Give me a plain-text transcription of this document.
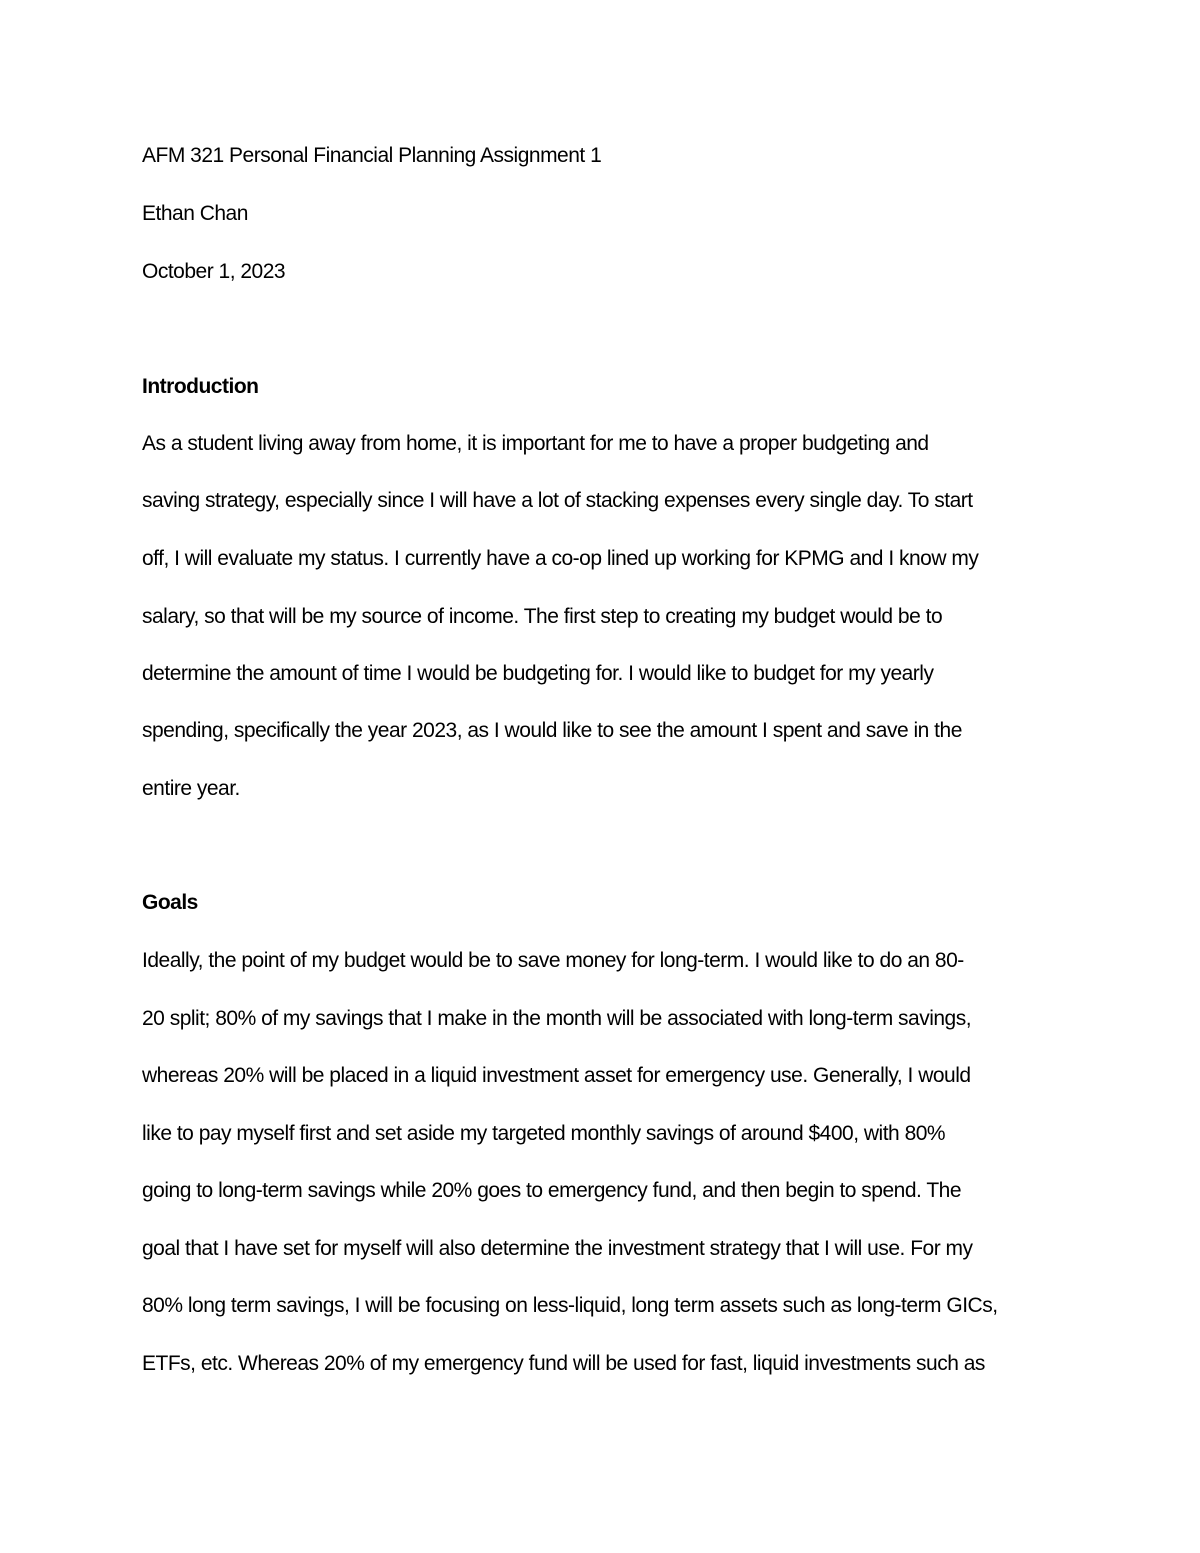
AFM 321 Personal Financial Planning Assignment 1
Ethan Chan
October 1, 2023
Introduction
As a student living away from home, it is important for me to have a proper budgeting and
saving strategy, especially since I will have a lot of stacking expenses every single day. To start
off, I will evaluate my status. I currently have a co-op lined up working for KPMG and I know my
salary, so that will be my source of income. The first step to creating my budget would be to
determine the amount of time I would be budgeting for. I would like to budget for my yearly
spending, specifically the year 2023, as I would like to see the amount I spent and save in the
entire year.
Goals
Ideally, the point of my budget would be to save money for long-term. I would like to do an 80-
20 split; 80% of my savings that I make in the month will be associated with long-term savings,
whereas 20% will be placed in a liquid investment asset for emergency use. Generally, I would
like to pay myself first and set aside my targeted monthly savings of around $400, with 80%
going to long-term savings while 20% goes to emergency fund, and then begin to spend. The
goal that I have set for myself will also determine the investment strategy that I will use. For my
80% long term savings, I will be focusing on less-liquid, long term assets such as long-term GICs,
ETFs, etc. Whereas 20% of my emergency fund will be used for fast, liquid investments such as
